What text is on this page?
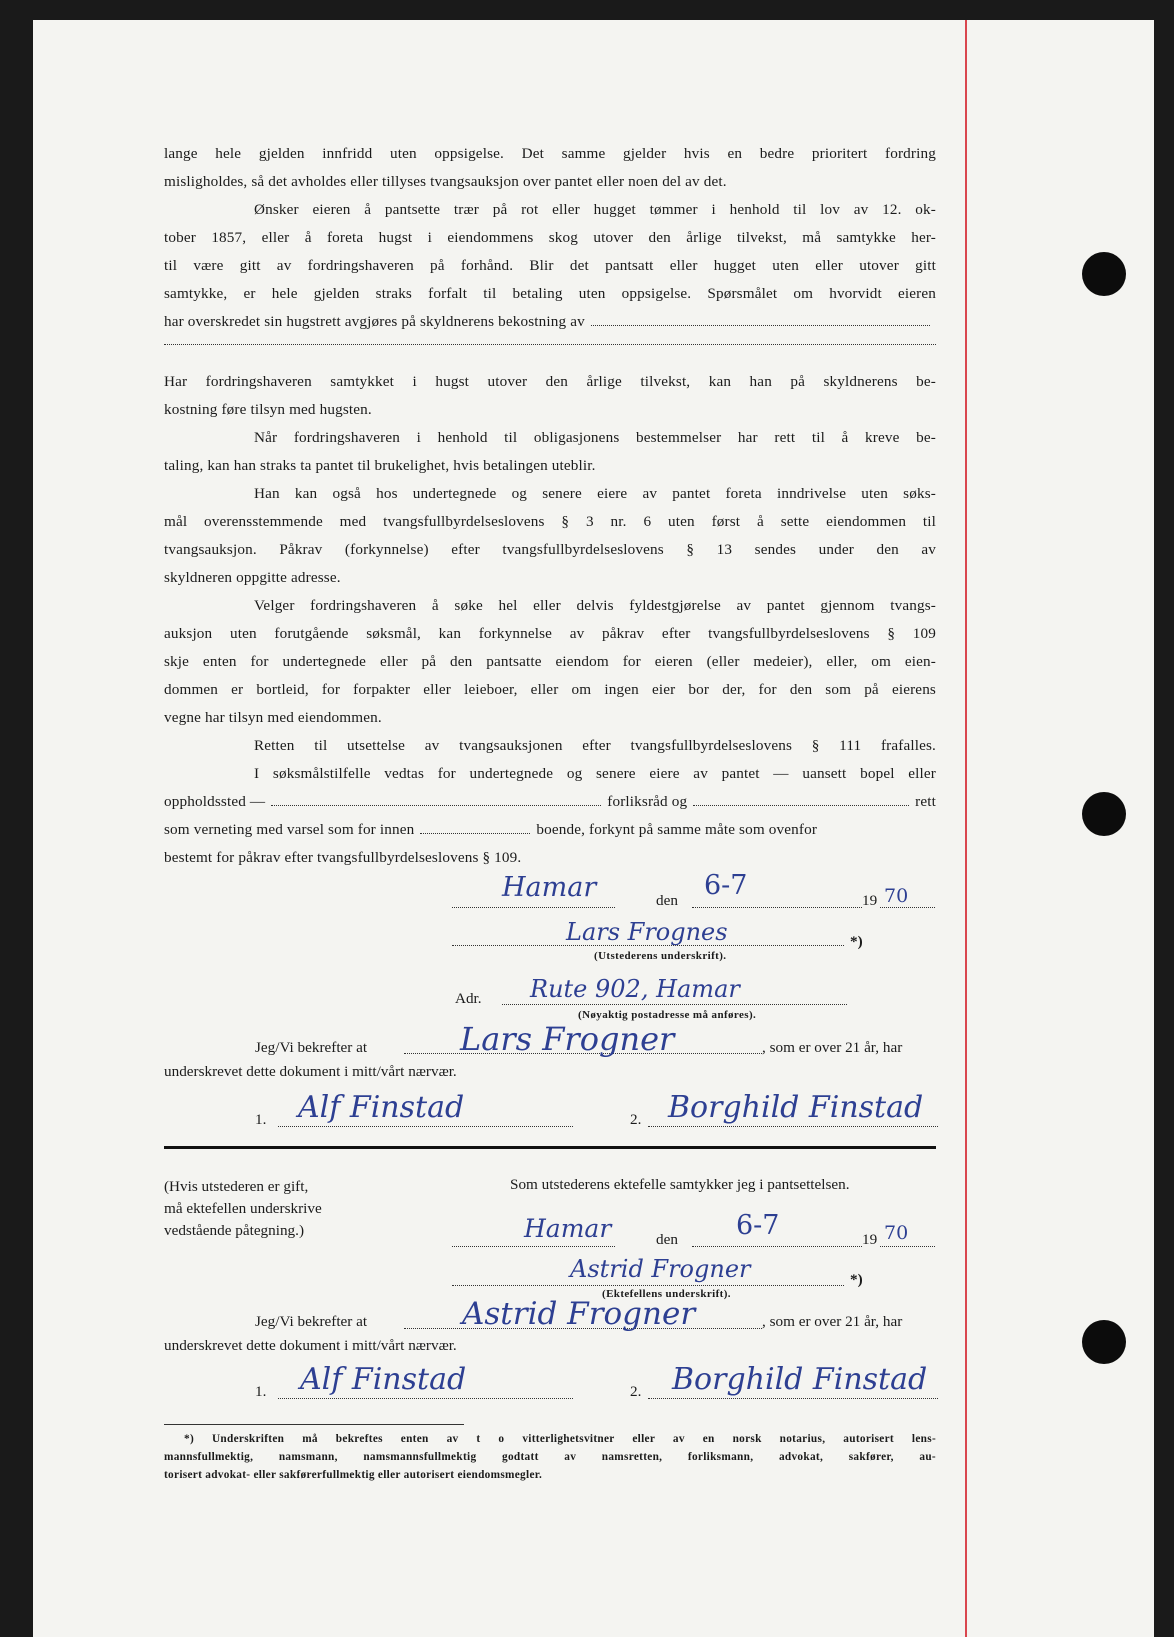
lange hele gjelden innfridd uten oppsigelse. Det samme gjelder hvis en bedre prioritert fordring
misligholdes, så det avholdes eller tillyses tvangsauksjon over pantet eller noen del av det.
Ønsker eieren å pantsette trær på rot eller hugget tømmer i henhold til lov av 12. ok-
tober 1857, eller å foreta hugst i eiendommens skog utover den årlige tilvekst, må samtykke her-
til være gitt av fordringshaveren på forhånd. Blir det pantsatt eller hugget uten eller utover gitt
samtykke, er hele gjelden straks forfalt til betaling uten oppsigelse. Spørsmålet om hvorvidt eieren
har overskredet sin hugstrett avgjøres på skyldnerens bekostning av
Har fordringshaveren samtykket i hugst utover den årlige tilvekst, kan han på skyldnerens be-
kostning føre tilsyn med hugsten.
Når fordringshaveren i henhold til obligasjonens bestemmelser har rett til å kreve be-
taling, kan han straks ta pantet til brukelighet, hvis betalingen uteblir.
Han kan også hos undertegnede og senere eiere av pantet foreta inndrivelse uten søks-
mål overensstemmende med tvangsfullbyrdelseslovens § 3 nr. 6 uten først å sette eiendommen til
tvangsauksjon. Påkrav (forkynnelse) efter tvangsfullbyrdelseslovens § 13 sendes under den av
skyldneren oppgitte adresse.
Velger fordringshaveren å søke hel eller delvis fyldestgjørelse av pantet gjennom tvangs-
auksjon uten forutgående søksmål, kan forkynnelse av påkrav efter tvangsfullbyrdelseslovens § 109
skje enten for undertegnede eller på den pantsatte eiendom for eieren (eller medeier), eller, om eien-
dommen er bortleid, for forpakter eller leieboer, eller om ingen eier bor der, for den som på eierens
vegne har tilsyn med eiendommen.
Retten til utsettelse av tvangsauksjonen efter tvangsfullbyrdelseslovens § 111 frafalles.
I søksmålstilfelle vedtas for undertegnede og senere eiere av pantet — uansett bopel eller
oppholdssted —	forliksråd og	rett
som verneting med varsel som for innen	boende, forkynt på samme måte som ovenfor
bestemt for påkrav efter tvangsfullbyrdelseslovens § 109.
Hamar	den 6-7	19 70
Lars Frognes	*)
(Utstederens underskrift).
Adr. Rute 902, Hamar
(Nøyaktig postadresse må anføres).
Jeg/Vi bekrefter at	Lars Frogner	, som er over 21 år, har
underskrevet dette dokument i mitt/vårt nærvær.
1. Alf Finstad	2. Borghild Finstad
(Hvis utstederen er gift,
må ektefellen underskrive
vedstående påtegning.)
Som utstederens ektefelle samtykker jeg i pantsettelsen.
Hamar	den 6-7	19 70
Astrid Frogner	*)
(Ektefellens underskrift).
Jeg/Vi bekrefter at	Astrid Frogner	, som er over 21 år, har
underskrevet dette dokument i mitt/vårt nærvær.
1. Alf Finstad	2. Borghild Finstad
*) Underskriften må bekreftes enten av t o vitterlighetsvitner eller av en norsk notarius, autorisert lens-
mannsfullmektig, namsmann, namsmannsfullmektig godtatt av namsretten, forliksmann, advokat, sakfører, au-
torisert advokat- eller sakførerfullmektig eller autorisert eiendomsmegler.
